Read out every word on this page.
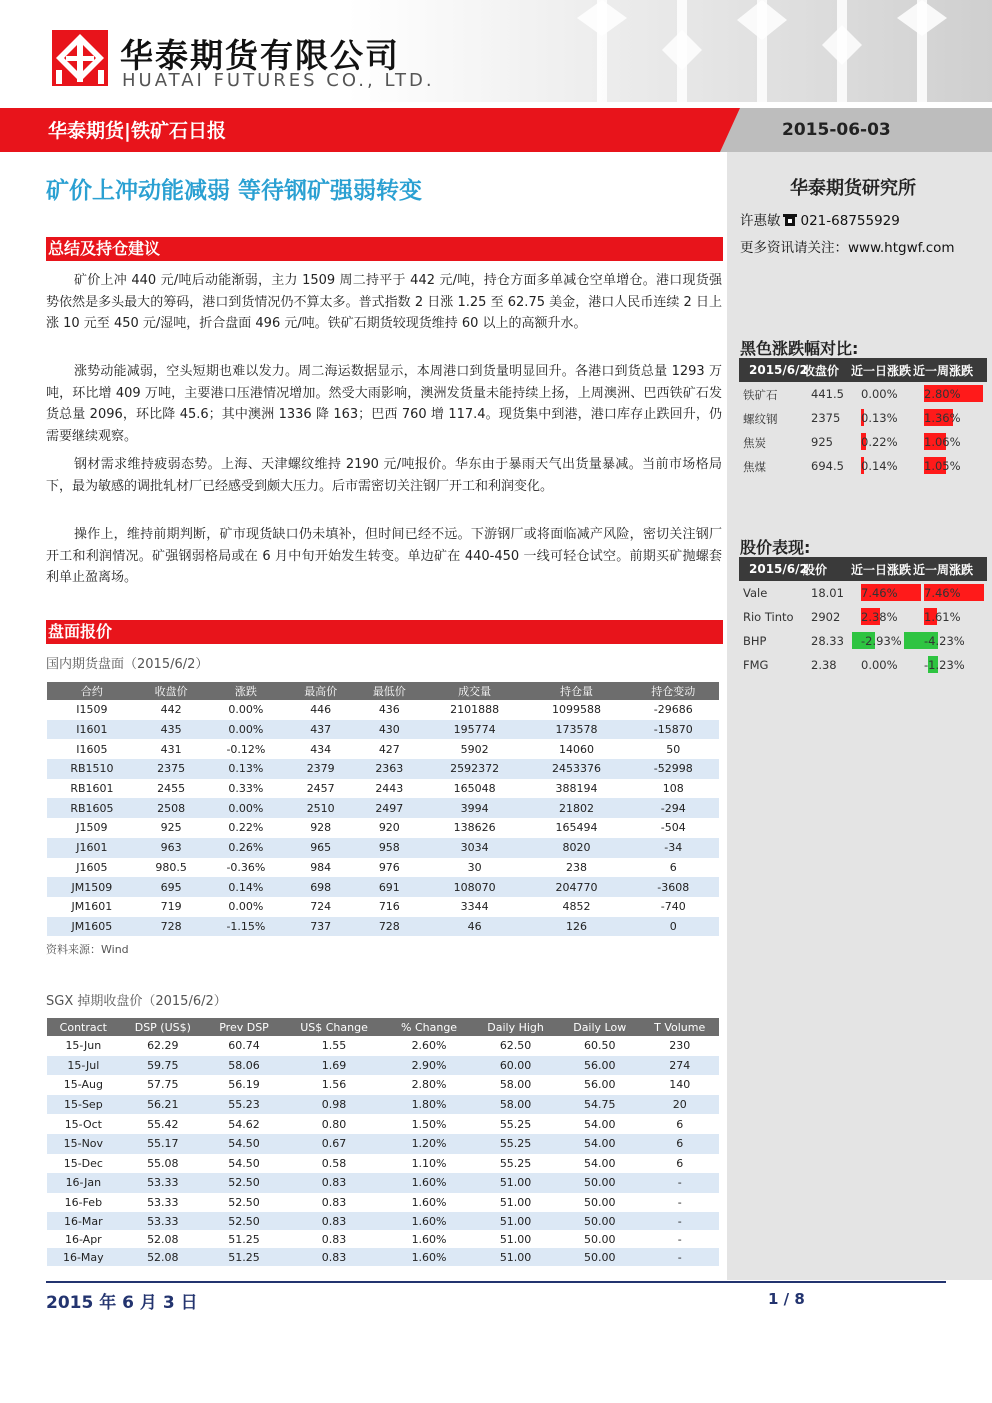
华泰期货有限公司
HUATAI FUTURES CO., LTD.
华泰期货|铁矿石日报	2015-06-03
矿价上冲动能减弱 等待钢矿强弱转变
总结及持仓建议

矿价上冲 440 元/吨后动能渐弱，主力 1509 周二持平于 442 元/吨，持仓方面多单减仓空单增仓。港口现货强势依然是多头最大的筹码，港口到货情况仍不算太多。普式指数 2 日涨 1.25 至 62.75 美金，港口人民币连续 2 日上涨 10 元至 450 元/湿吨，折合盘面 496 元/吨。铁矿石期货较现货维持 60 以上的高额升水。

涨势动能减弱，空头短期也难以发力。周二海运数据显示，本周港口到货量明显回升。各港口到货总量 1293 万吨，环比增 409 万吨，主要港口压港情况增加。然受大雨影响，澳洲发货量未能持续上扬，上周澳洲、巴西铁矿石发货总量 2096，环比降 45.6；其中澳洲 1336 降 163；巴西 760 增 117.4。现货集中到港，港口库存止跌回升，仍需要继续观察。

钢材需求维持疲弱态势。上海、天津螺纹维持 2190 元/吨报价。华东由于暴雨天气出货量暴减。当前市场格局下，最为敏感的调批轧材厂已经感受到颇大压力。后市需密切关注钢厂开工和利润变化。

操作上，维持前期判断，矿市现货缺口仍未填补，但时间已经不远。下游钢厂或将面临减产风险，密切关注钢厂开工和利润情况。矿强钢弱格局或在 6 月中旬开始发生转变。单边矿在 440-450 一线可轻仓试空。前期买矿抛螺套利单止盈离场。

盘面报价
国内期货盘面（2015/6/2）
合约	收盘价	涨跌	最高价	最低价	成交量	持仓量	持仓变动
I1509	442	0.00%	446	436	2101888	1099588	-29686
I1601	435	0.00%	437	430	195774	173578	-15870
I1605	431	-0.12%	434	427	5902	14060	50
RB1510	2375	0.13%	2379	2363	2592372	2453376	-52998
RB1601	2455	0.33%	2457	2443	165048	388194	108
RB1605	2508	0.00%	2510	2497	3994	21802	-294
J1509	925	0.22%	928	920	138626	165494	-504
J1601	963	0.26%	965	958	3034	8020	-34
J1605	980.5	-0.36%	984	976	30	238	6
JM1509	695	0.14%	698	691	108070	204770	-3608
JM1601	719	0.00%	724	716	3344	4852	-740
JM1605	728	-1.15%	737	728	46	126	0
资料来源：Wind
SGX 掉期收盘价（2015/6/2）
Contract	DSP (US$)	Prev DSP	US$ Change	% Change	Daily High	Daily Low	T Volume
15-Jun	62.29	60.74	1.55	2.60%	62.50	60.50	230
15-Jul	59.75	58.06	1.69	2.90%	60.00	56.00	274
15-Aug	57.75	56.19	1.56	2.80%	58.00	56.00	140
15-Sep	56.21	55.23	0.98	1.80%	58.00	54.75	20
15-Oct	55.42	54.62	0.80	1.50%	55.25	54.00	6
15-Nov	55.17	54.50	0.67	1.20%	55.25	54.00	6
15-Dec	55.08	54.50	0.58	1.10%	55.25	54.00	6
16-Jan	53.33	52.50	0.83	1.60%	51.00	50.00	-
16-Feb	53.33	52.50	0.83	1.60%	51.00	50.00	-
16-Mar	53.33	52.50	0.83	1.60%	51.00	50.00	-
16-Apr	52.08	51.25	0.83	1.60%	51.00	50.00	-
16-May	52.08	51.25	0.83	1.60%	51.00	50.00	-
华泰期货研究所
许惠敏 021-68755929
更多资讯请关注：www.htgwf.com
黑色涨跌幅对比:
2015/6/2
收盘价 近一日涨跌 近一周涨跌
铁矿石	441.5 0.00% 2.80%
螺纹钢	2375 0.13% 1.36%
焦炭	925 0.22% 1.06%
焦煤	694.5 0.14% 1.05%
股价表现:
2015/6/2
股价	近一日涨跌 近一周涨跌
Vale	18.01 7.46% 7.46%
Rio Tinto 2902 2.38% 1.61%
BHP	28.33 -2.93% -4.23%
FMG	2.38 0.00% -1.23%
2015 年 6 月 3 日	1 / 8
